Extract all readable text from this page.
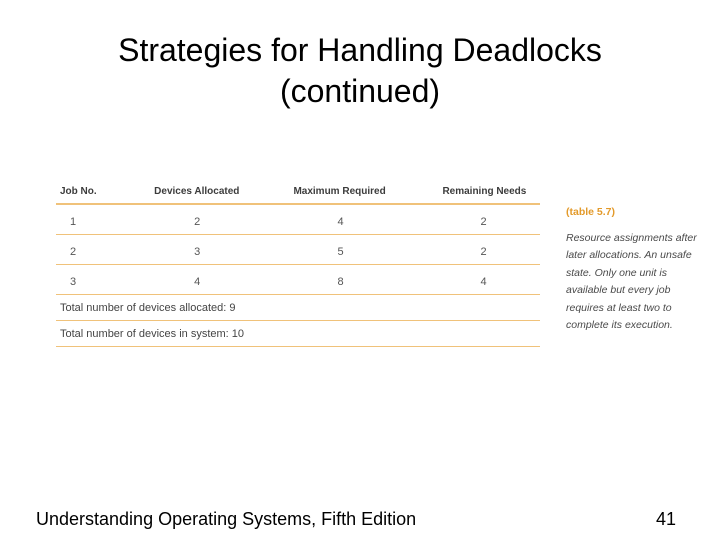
Strategies for Handling Deadlocks
(continued)
Job No.	Devices Allocated	Maximum Required	Remaining Needs
1	2	4	2
2	3	5	2
3	4	8	4
Total number of devices allocated: 9			
Total number of devices in system: 10			
(table 5.7)
Resource assignments after later allocations. An unsafe state. Only one unit is available but every job requires at least two to complete its execution.
Understanding Operating Systems, Fifth Edition	41
